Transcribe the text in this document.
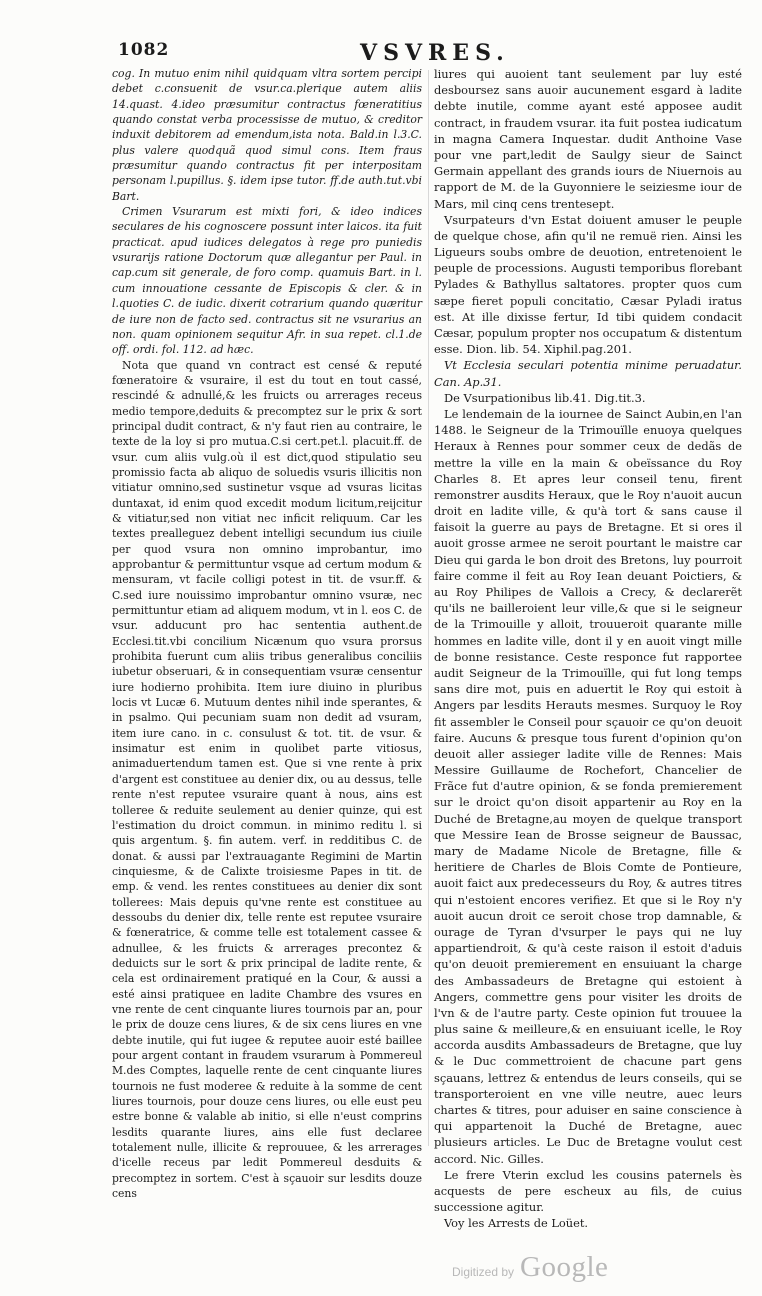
1082	VSVRES.

cog. In mutuo enim nihil quidquam vltra sortem percipi debet c.consuenit de vsur.ca.plerique autem aliis 14.quast. 4.ideo præsumitur contractus fœneratitius quando constat verba processisse de mutuo, & creditor induxit debitorem ad emendum,ista nota. Bald.in l.3.C. plus valere quodquã quod simul cons. Item fraus præsumitur quando contractus fit per interpositam personam l.pupillus. §. idem ipse tutor. ff.de auth.tut.vbi Bart.

Crimen Vsurarum est mixti fori, & ideo indices seculares de his cognoscere possunt inter laicos. ita fuit practicat. apud iudices delegatos à rege pro puniedis vsurarijs ratione Doctorum quæ allegantur per Paul. in cap.cum sit generale, de foro comp. quamuis Bart. in l. cum innouatione cessante de Episcopis & cler. & in l.quoties C. de iudic. dixerit cotrarium quando quæritur de iure non de facto sed. contractus sit ne vsurarius an non. quam opinionem sequitur Afr. in sua repet. cl.1.de off. ordi. fol. 112. ad hæc.

Nota que quand vn contract est censé & reputé fœneratoire & vsuraire, il est du tout en tout cassé, rescindé & adnullé,& les fruicts ou arrerages receus medio tempore,deduits & precomptez sur le prix & sort principal dudit contract, & n'y faut rien au contraire, le texte de la loy si pro mutua.C.si cert.pet.l. placuit.ff. de vsur. cum aliis vulg.où il est dict,quod stipulatio seu promissio facta ab aliquo de soluedis vsuris illicitis non vitiatur omnino,sed sustinetur vsque ad vsuras licitas duntaxat, id enim quod excedit modum licitum,reijcitur & vitiatur,sed non vitiat nec inficit reliquum. Car les textes prealleguez debent intelligi secundum ius ciuile per quod vsura non omnino improbantur, imo approbantur & permittuntur vsque ad certum modum & mensuram, vt facile colligi potest in tit. de vsur.ff. & C.sed iure nouissimo improbantur omnino vsuræ, nec permittuntur etiam ad aliquem modum, vt in l. eos C. de vsur. adducunt pro hac sententia authent.de Ecclesi.tit.vbi concilium Nicænum quo vsura prorsus prohibita fuerunt cum aliis tribus generalibus conciliis iubetur obseruari, & in consequentiam vsuræ censentur iure hodierno prohibita. Item iure diuino in pluribus locis vt Lucæ 6. Mutuum dentes nihil inde sperantes, & in psalmo. Qui pecuniam suam non dedit ad vsuram, item iure cano. in c. consulust & tot. tit. de vsur. & insimatur est enim in quolibet parte vitiosus, animaduertendum tamen est. Que si vne rente à prix d'argent est constituee au denier dix, ou au dessus, telle rente n'est reputee vsuraire quant à nous, ains est tolleree & reduite seulement au denier quinze, qui est l'estimation du droict commun. in minimo reditu l. si quis argentum. §. fin autem. verf. in redditibus C. de donat. & aussi par l'extrauagante Regimini de Martin cinquiesme, & de Calixte troisiesme Papes in tit. de emp. & vend. les rentes constituees au denier dix sont tollerees: Mais depuis qu'vne rente est constituee au dessoubs du denier dix, telle rente est reputee vsuraire & fœneratrice, & comme telle est totalement cassee & adnullee, & les fruicts & arrerages precontez & deduicts sur le sort & prix principal de ladite rente, & cela est ordinairement pratiqué en la Cour, & aussi a esté ainsi pratiquee en ladite Chambre des vsures en vne rente de cent cinquante liures tournois par an, pour le prix de douze cens liures, & de six cens liures en vne debte inutile, qui fut iugee & reputee auoir esté baillee pour argent contant in fraudem vsurarum à Pommereul M.des Comptes, laquelle rente de cent cinquante liures tournois ne fust moderee & reduite à la somme de cent liures tournois, pour douze cens liures, ou elle eust peu estre bonne & valable ab initio, si elle n'eust comprins lesdits quarante liures, ains elle fust declaree totalement nulle, illicite & reprouuee, & les arrerages d'icelle receus par ledit Pommereul desduits & precomptez in sortem. C'est à sçauoir sur lesdits douze cens

liures qui auoient tant seulement par luy esté desboursez sans auoir aucunement esgard à ladite debte inutile, comme ayant esté apposee audit contract, in fraudem vsurar. ita fuit postea iudicatum in magna Camera Inquestar. dudit Anthoine Vase pour vne part,ledit de Saulgy sieur de Sainct Germain appellant des grands iours de Niuernois au rapport de M. de la Guyonniere le seiziesme iour de Mars, mil cinq cens trentesept.

Vsurpateurs d'vn Estat doiuent amuser le peuple de quelque chose, afin qu'il ne remuë rien. Ainsi les Ligueurs soubs ombre de deuotion, entretenoient le peuple de processions. Augusti temporibus florebant Pylades & Bathyllus saltatores. propter quos cum sæpe fieret populi concitatio, Cæsar Pyladi iratus est. At ille dixisse fertur, Id tibi quidem condacit Cæsar, populum propter nos occupatum & distentum esse. Dion. lib. 54. Xiphil.pag.201.

Vt Ecclesia seculari potentia minime peruadatur. Can. Ap.31.

De Vsurpationibus lib.41. Dig.tit.3.

Le lendemain de la iournee de Sainct Aubin,en l'an 1488. le Seigneur de la Trimouïlle enuoya quelques Heraux à Rennes pour sommer ceux de dedãs de mettre la ville en la main & obeïssance du Roy Charles 8. Et apres leur conseil tenu, firent remonstrer ausdits Heraux, que le Roy n'auoit aucun droit en ladite ville, & qu'à tort & sans cause il faisoit la guerre au pays de Bretagne. Et si ores il auoit grosse armee ne seroit pourtant le maistre car Dieu qui garda le bon droit des Bretons, luy pourroit faire comme il feit au Roy Iean deuant Poictiers, & au Roy Philipes de Vallois a Crecy, & declarerẽt qu'ils ne bailleroient leur ville,& que si le seigneur de la Trimouille y alloit, trouueroit quarante mille hommes en ladite ville, dont il y en auoit vingt mille de bonne resistance. Ceste responce fut rapportee audit Seigneur de la Trimouïlle, qui fut long temps sans dire mot, puis en aduertit le Roy qui estoit à Angers par lesdits Herauts mesmes. Surquoy le Roy fit assembler le Conseil pour sçauoir ce qu'on deuoit faire. Aucuns & presque tous furent d'opinion qu'on deuoit aller assieger ladite ville de Rennes: Mais Messire Guillaume de Rochefort, Chancelier de Frãce fut d'autre opinion, & se fonda premierement sur le droict qu'on disoit appartenir au Roy en la Duché de Bretagne,au moyen de quelque transport que Messire Iean de Brosse seigneur de Baussac, mary de Madame Nicole de Bretagne, fille & heritiere de Charles de Blois Comte de Pontieure, auoit faict aux predecesseurs du Roy, & autres titres qui n'estoient encores verifiez. Et que si le Roy n'y auoit aucun droit ce seroit chose trop damnable, & ourage de Tyran d'vsurper le pays qui ne luy appartiendroit, & qu'à ceste raison il estoit d'aduis qu'on deuoit premierement en ensuiuant la charge des Ambassadeurs de Bretagne qui estoient à Angers, commettre gens pour visiter les droits de l'vn & de l'autre party. Ceste opinion fut trouuee la plus saine & meilleure,& en ensuiuant icelle, le Roy accorda ausdits Ambassadeurs de Bretagne, que luy & le Duc commettroient de chacune part gens sçauans, lettrez & entendus de leurs conseils, qui se transporteroient en vne ville neutre, auec leurs chartes & titres, pour aduiser en saine conscience à qui appartenoit la Duché de Bretagne, auec plusieurs articles. Le Duc de Bretagne voulut cest accord. Nic. Gilles.

Le frere Vterin exclud les cousins paternels ès acquests de pere escheux au fils, de cuius successione agitur.

Voy les Arrests de Loüet.

Digitized by Google
